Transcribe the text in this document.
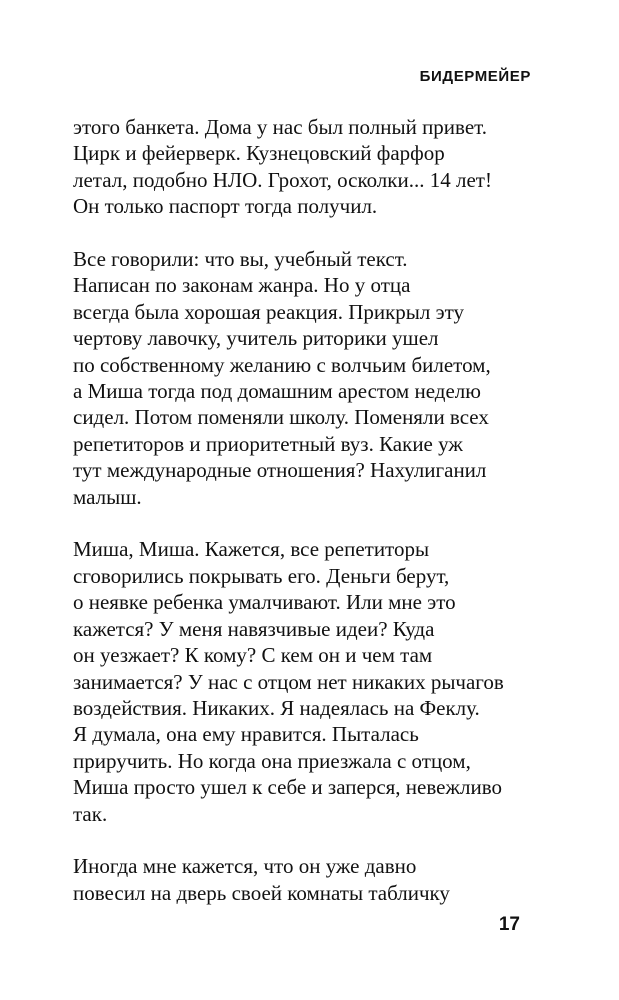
БИДЕРМЕЙЕР

этого банкета. Дома у нас был полный привет.
Цирк и фейерверк. Кузнецовский фарфор
летал, подобно НЛО. Грохот, осколки... 14 лет!
Он только паспорт тогда получил.

Все говорили: что вы, учебный текст.
Написан по законам жанра. Но у отца
всегда была хорошая реакция. Прикрыл эту
чертову лавочку, учитель риторики ушел
по собственному желанию с волчьим билетом,
а Миша тогда под домашним арестом неделю
сидел. Потом поменяли школу. Поменяли всех
репетиторов и приоритетный вуз. Какие уж
тут международные отношения? Нахулиганил
малыш.

Миша, Миша. Кажется, все репетиторы
сговорились покрывать его. Деньги берут,
о неявке ребенка умалчивают. Или мне это
кажется? У меня навязчивые идеи? Куда
он уезжает? К кому? С кем он и чем там
занимается? У нас с отцом нет никаких рычагов
воздействия. Никаких. Я надеялась на Феклу.
Я думала, она ему нравится. Пыталась
приручить. Но когда она приезжала с отцом,
Миша просто ушел к себе и заперся, невежливо
так.

Иногда мне кажется, что он уже давно
повесил на дверь своей комнаты табличку

17
